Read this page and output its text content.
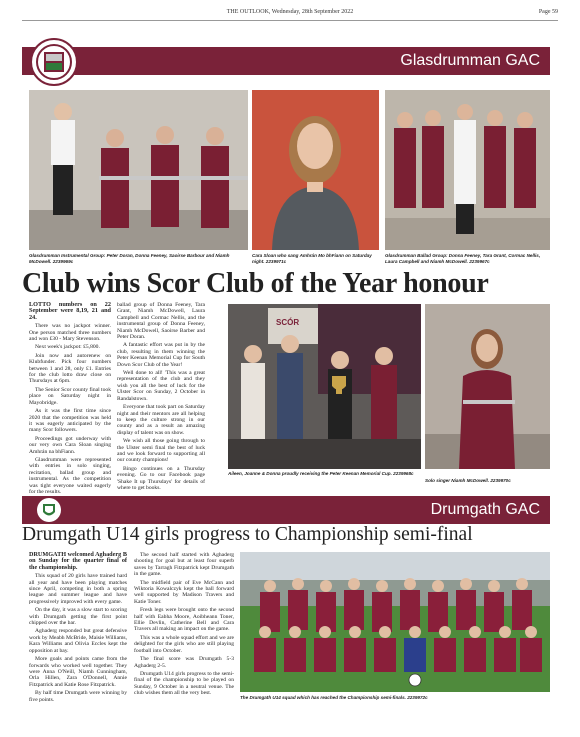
THE OUTLOOK, Wednesday, 28th September 2022	Page 59
Glasdrumman GAC
Glasdrumman Instrumental Group: Peter Doran, Donna Feeney, Saoirse Barbour and Niamh McDowell. 2239969c
Cara Sloan who sang Amhrán Mo bhFiann on Saturday night. 2239971c
Glasdrumman Ballad Group: Donna Feeney, Tara Grant, Cormac Nellis, Laura Campbell and Niamh McDowell. 2239967c
Club wins Scor Club of the Year honour

LOTTO numbers on 22 September were 8,19, 21 and 24.

There was no jackpot winner. One person matched three numbers and won £30 - Mary Stevenson.

Next week's jackpot: £5,800.

Join now and autorenew on Klubfunder. Pick four numbers between 1 and 28, only £1. Entries for the club lotto draw close on Thursdays at 6pm.

The Senior Scor county final took place on Saturday night in Mayobridge.

As it was the first time since 2020 that the competition was held it was eagerly anticipated by the many Scor followers.

Proceedings got underway with our very own Cara Sloan singing Amhrán na bhFiann.

Glasdrumman were represented with entries in solo singing, recitation, ballad group and instrumental. As the competition was tight everyone waited eagerly for the results.

ballad group of Donna Feeney, Tara Grant, Niamh McDowell, Laura Campbell and Cormac Nellis, and the instrumental group of Donna Feeney, Niamh McDowell, Saoirse Barber and Peter Doran.

A fantastic effort was put in by the club, resulting in them winning the Peter Keenan Memorial Cup for South Down Scor Club of the Year!

Well done to all! 'This was a great representation of the club and they wish you all the best of luck for the Ulster Scor on Sunday, 2 October in Randalstown.

Everyone that took part on Saturday night and their mentors are all helping to keep the culture strong in our county and as a result an amazing display of talent was on show.

We wish all those going through to the Ulster semi final the best of luck and we look forward to supporting all our county champions!

Bingo continues on a Thursday evening. Go to our Facebook page 'Shake It up Thursdays' for details of where to get books.

SCÓR
Aileen, Joanne & Donna proudly receiving the Peter Keenan Memorial Cup. 2239968c
Solo singer Niamh McDowell. 2239970c
Drumgath GAC
Drumgath U14 girls progress to Championship semi-final

DRUMGATH welcomed Aghaderg B on Sunday for the quarter final of the championship.

This squad of 20 girls have trained hard all year and have been playing matches since April, competing in both a spring league and summer league and have progressively improved with every game.

On the day, it was a slow start to scoring with Drumgath getting the first point chipped over the bar.

Aghaderg responded but great defensive work by Meabh McBride, Maisie Williams, Kara Williams and Olivia Eccles kept the opposition at bay.

More goals and points came from the forwards who worked well together. They were Anna O'Neill, Niamh Cunningham, Orla Hillen, Zara O'Donnell, Annie Fitzpatrick and Katie Rose Fitzpatrick.

By half time Drumgath were winning by five points.

The second half started with Aghaderg shooting for goal but at least four superb saves by Tarragh Fitzpatrick kept Drumgath in the game.

The midfield pair of Eve McCann and Wiktoria Kowalczyk kept the ball forward well supported by Madison Travers and Katie Toner.

Fresh legs were brought onto the second half with Eabha Moore, Aoibheann Toner, Ellie Devlin, Catherine Bell and Cara Travers all making an impact on the game.

This was a whole squad effort and we are delighted for the girls who are still playing football into October.

The final score was Drumgath 5-3 Aghaderg 2-5.

Drumgath U14 girls progress to the semi-final of the championship to be played on Sunday, 9 October in a neutral venue. The club wishes them all the very best.

The Drumgath U14 squad which has reached the Championship semi-finals. 2239972c
